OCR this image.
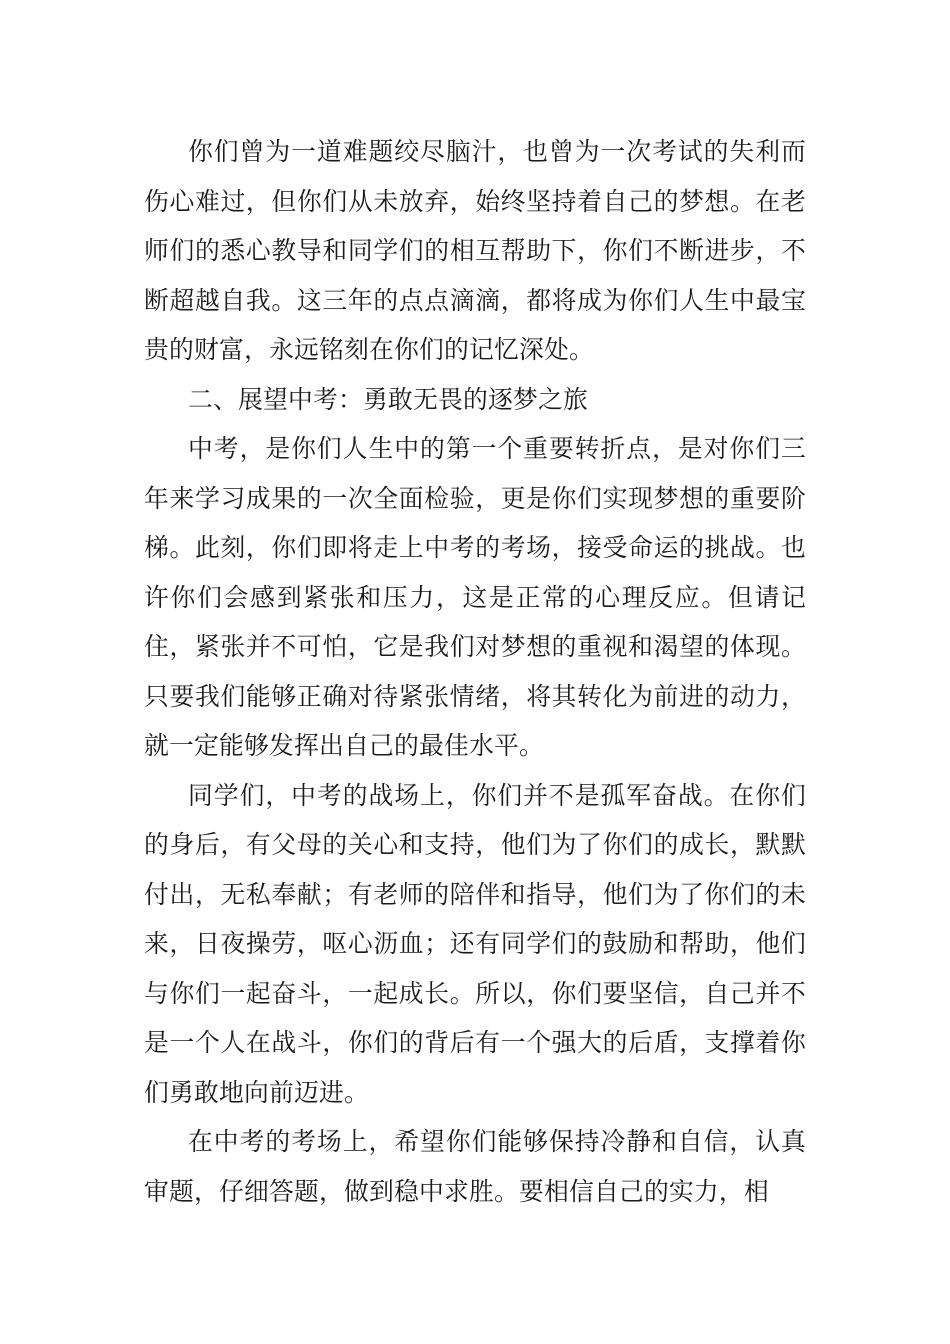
你们曾为一道难题绞尽脑汁，也曾为一次考试的失利而伤心难过，但你们从未放弃，始终坚持着自己的梦想。在老师们的悉心教导和同学们的相互帮助下，你们不断进步，不断超越自我。这三年的点点滴滴，都将成为你们人生中最宝贵的财富，永远铭刻在你们的记忆深处。

二、展望中考：勇敢无畏的逐梦之旅

中考，是你们人生中的第一个重要转折点，是对你们三年来学习成果的一次全面检验，更是你们实现梦想的重要阶梯。此刻，你们即将走上中考的考场，接受命运的挑战。也许你们会感到紧张和压力，这是正常的心理反应。但请记住，紧张并不可怕，它是我们对梦想的重视和渴望的体现。只要我们能够正确对待紧张情绪，将其转化为前进的动力，就一定能够发挥出自己的最佳水平。

同学们，中考的战场上，你们并不是孤军奋战。在你们的身后，有父母的关心和支持，他们为了你们的成长，默默付出，无私奉献；有老师的陪伴和指导，他们为了你们的未来，日夜操劳，呕心沥血；还有同学们的鼓励和帮助，他们与你们一起奋斗，一起成长。所以，你们要坚信，自己并不是一个人在战斗，你们的背后有一个强大的后盾，支撑着你们勇敢地向前迈进。

在中考的考场上，希望你们能够保持冷静和自信，认真审题，仔细答题，做到稳中求胜。要相信自己的实力，相
